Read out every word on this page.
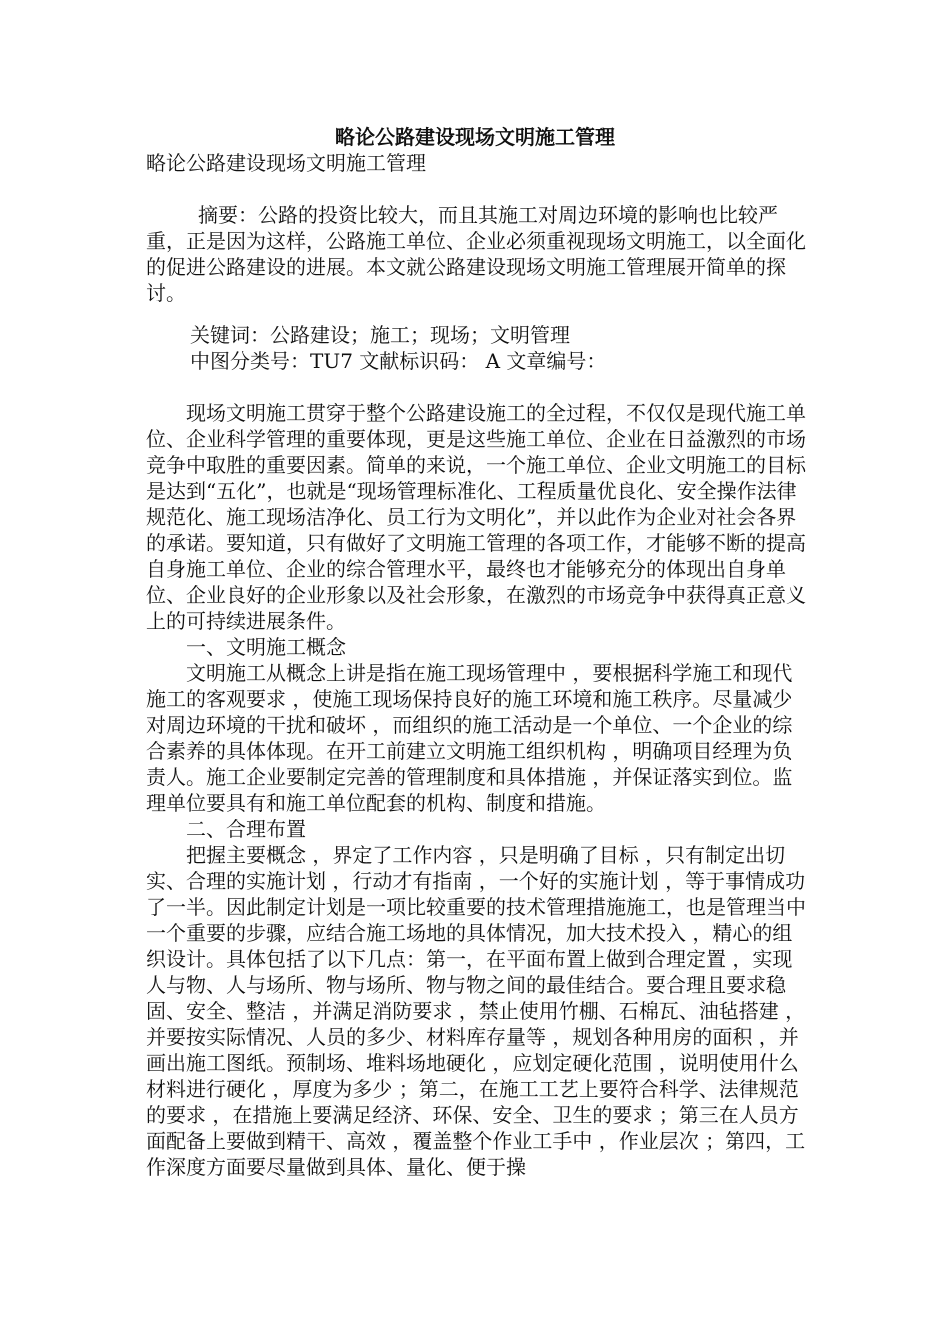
略论公路建设现场文明施工管理
略论公路建设现场文明施工管理

摘要：公路的投资比较大，而且其施工对周边环境的影响也比较严重，正是因为这样，公路施工单位、企业必须重视现场文明施工，以全面化的促进公路建设的进展。本文就公路建设现场文明施工管理展开简单的探讨。

关键词：公路建设；施工；现场；文明管理
中图分类号：TU7 文献标识码： A 文章编号：

现场文明施工贯穿于整个公路建设施工的全过程，不仅仅是现代施工单位、企业科学管理的重要体现，更是这些施工单位、企业在日益激烈的市场竞争中取胜的重要因素。简单的来说，一个施工单位、企业文明施工的目标是达到“五化”，也就是“现场管理标准化、工程质量优良化、安全操作法律规范化、施工现场洁净化、员工行为文明化”，并以此作为企业对社会各界的承诺。要知道，只有做好了文明施工管理的各项工作，才能够不断的提高自身施工单位、企业的综合管理水平，最终也才能够充分的体现出自身单位、企业良好的企业形象以及社会形象，在激烈的市场竞争中获得真正意义上的可持续进展条件。

一、文明施工概念

文明施工从概念上讲是指在施工现场管理中 ，要根据科学施工和现代施工的客观要求 ，使施工现场保持良好的施工环境和施工秩序。尽量减少对周边环境的干扰和破坏 ，而组织的施工活动是一个单位、一个企业的综合素养的具体体现。在开工前建立文明施工组织机构 ，明确项目经理为负责人。施工企业要制定完善的管理制度和具体措施 ，并保证落实到位。监理单位要具有和施工单位配套的机构、制度和措施。

二、合理布置

把握主要概念 ，界定了工作内容 ，只是明确了目标 ，只有制定出切实、合理的实施计划 ，行动才有指南 ，一个好的实施计划 ，等于事情成功了一半。因此制定计划是一项比较重要的技术管理措施施工，也是管理当中一个重要的步骤，应结合施工场地的具体情况，加大技术投入 ，精心的组织设计。具体包括了以下几点：第一，在平面布置上做到合理定置 ，实现人与物、人与场所、物与场所、物与物之间的最佳结合。要合理且要求稳固、安全、整洁 ，并满足消防要求 ，禁止使用竹棚、石棉瓦、油毡搭建 ，并要按实际情况、人员的多少、材料库存量等 ，规划各种用房的面积 ，并画出施工图纸。预制场、堆料场地硬化 ，应划定硬化范围 ，说明使用什么材料进行硬化 ，厚度为多少 ；第二，在施工工艺上要符合科学、法律规范的要求 ，在措施上要满足经济、环保、安全、卫生的要求 ；第三在人员方面配备上要做到精干、高效 ，覆盖整个作业工手中 ，作业层次 ；第四，工作深度方面要尽量做到具体、量化、便于操
